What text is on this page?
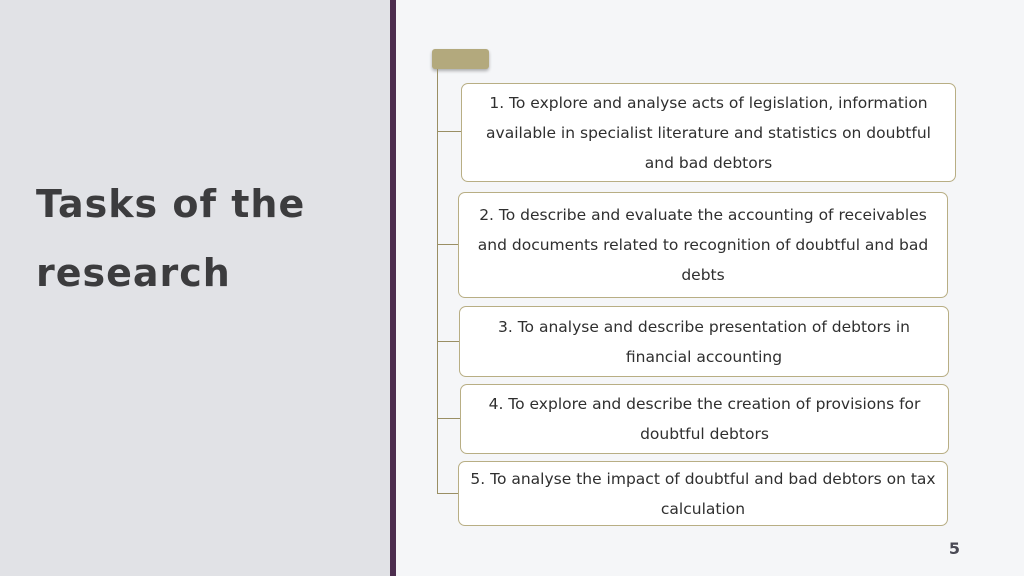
Tasks of the research
1. To explore and analyse acts of legislation, information available in specialist literature and statistics on doubtful and bad debtors
2. To describe and evaluate the accounting of receivables and documents related to recognition of doubtful and bad debts
3. To analyse and describe presentation of debtors in financial accounting
4. To explore and describe the creation of provisions for doubtful debtors
5. To analyse the impact of doubtful and bad debtors on tax calculation
5
